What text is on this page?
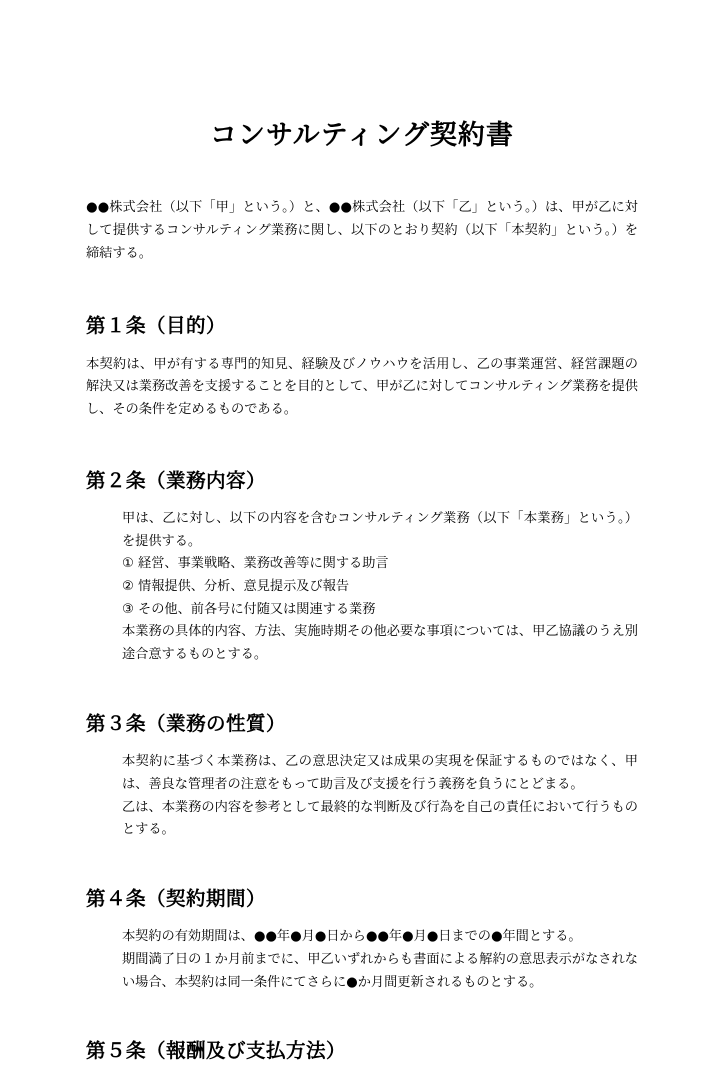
コンサルティング契約書

●●株式会社（以下「甲」という。）と、●●株式会社（以下「乙」という。）は、甲が乙に対して提供するコンサルティング業務に関し、以下のとおり契約（以下「本契約」という。）を締結する。

第１条（目的）

本契約は、甲が有する専門的知見、経験及びノウハウを活用し、乙の事業運営、経営課題の解決又は業務改善を支援することを目的として、甲が乙に対してコンサルティング業務を提供し、その条件を定めるものである。

第２条（業務内容）

甲は、乙に対し、以下の内容を含むコンサルティング業務（以下「本業務」という。）を提供する。

① 経営、事業戦略、業務改善等に関する助言

② 情報提供、分析、意見提示及び報告

③ その他、前各号に付随又は関連する業務

本業務の具体的内容、方法、実施時期その他必要な事項については、甲乙協議のうえ別途合意するものとする。

第３条（業務の性質）

本契約に基づく本業務は、乙の意思決定又は成果の実現を保証するものではなく、甲は、善良な管理者の注意をもって助言及び支援を行う義務を負うにとどまる。

乙は、本業務の内容を参考として最終的な判断及び行為を自己の責任において行うものとする。

第４条（契約期間）

本契約の有効期間は、●●年●月●日から●●年●月●日までの●年間とする。

期間満了日の１か月前までに、甲乙いずれからも書面による解約の意思表示がなされない場合、本契約は同一条件にてさらに●か月間更新されるものとする。

第５条（報酬及び支払方法）
